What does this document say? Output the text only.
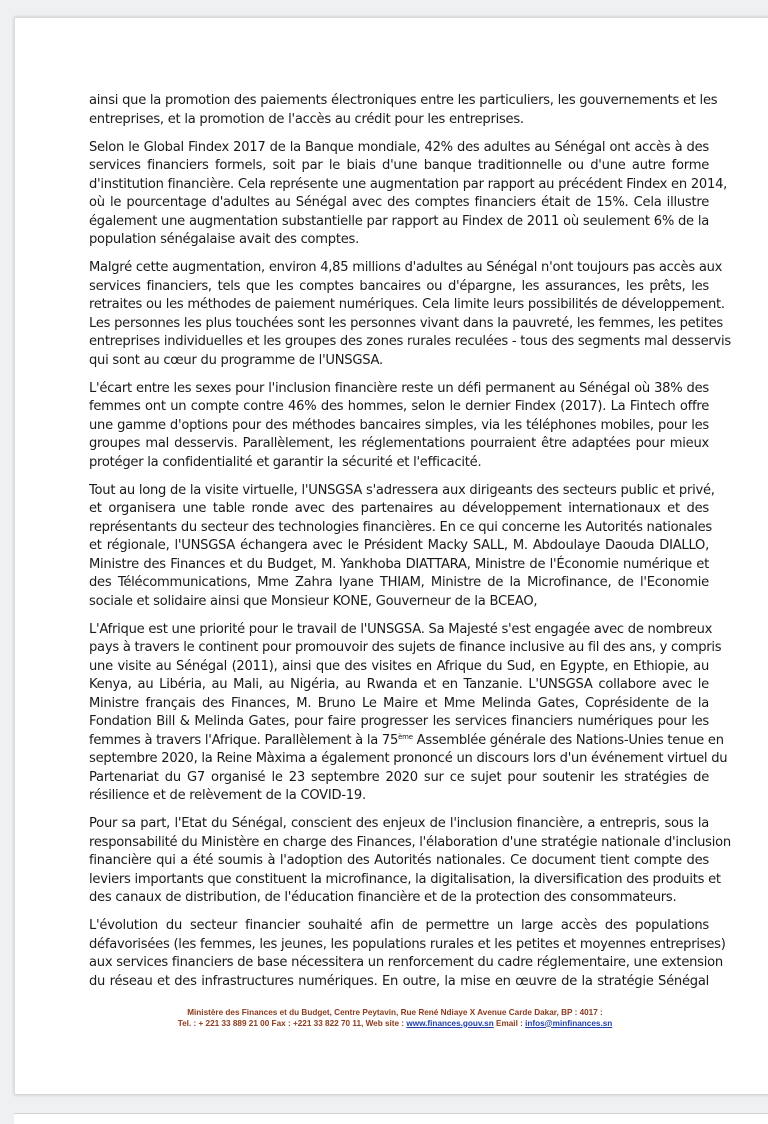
ainsi que la promotion des paiements électroniques entre les particuliers, les gouvernements et les
entreprises, et la promotion de l'accès au crédit pour les entreprises.

Selon le Global Findex 2017 de la Banque mondiale, 42% des adultes au Sénégal ont accès à des
services financiers formels, soit par le biais d'une banque traditionnelle ou d'une autre forme
d'institution financière. Cela représente une augmentation par rapport au précédent Findex en 2014,
où le pourcentage d'adultes au Sénégal avec des comptes financiers était de 15%. Cela illustre
également une augmentation substantielle par rapport au Findex de 2011 où seulement 6% de la
population sénégalaise avait des comptes.

Malgré cette augmentation, environ 4,85 millions d'adultes au Sénégal n'ont toujours pas accès aux
services financiers, tels que les comptes bancaires ou d'épargne, les assurances, les prêts, les
retraites ou les méthodes de paiement numériques. Cela limite leurs possibilités de développement.
Les personnes les plus touchées sont les personnes vivant dans la pauvreté, les femmes, les petites
entreprises individuelles et les groupes des zones rurales reculées - tous des segments mal desservis
qui sont au cœur du programme de l'UNSGSA.

L'écart entre les sexes pour l'inclusion financière reste un défi permanent au Sénégal où 38% des
femmes ont un compte contre 46% des hommes, selon le dernier Findex (2017). La Fintech offre
une gamme d'options pour des méthodes bancaires simples, via les téléphones mobiles, pour les
groupes mal desservis. Parallèlement, les réglementations pourraient être adaptées pour mieux
protéger la confidentialité et garantir la sécurité et l'efficacité.

Tout au long de la visite virtuelle, l'UNSGSA s'adressera aux dirigeants des secteurs public et privé,
et organisera une table ronde avec des partenaires au développement internationaux et des
représentants du secteur des technologies financières. En ce qui concerne les Autorités nationales
et régionale, l'UNSGSA échangera avec le Président Macky SALL, M. Abdoulaye Daouda DIALLO,
Ministre des Finances et du Budget, M. Yankhoba DIATTARA, Ministre de l'Économie numérique et
des Télécommunications, Mme Zahra Iyane THIAM, Ministre de la Microfinance, de l'Economie
sociale et solidaire ainsi que Monsieur KONE, Gouverneur de la BCEAO,

L'Afrique est une priorité pour le travail de l'UNSGSA. Sa Majesté s'est engagée avec de nombreux
pays à travers le continent pour promouvoir des sujets de finance inclusive au fil des ans, y compris
une visite au Sénégal (2011), ainsi que des visites en Afrique du Sud, en Egypte, en Ethiopie, au
Kenya, au Libéria, au Mali, au Nigéria, au Rwanda et en Tanzanie. L'UNSGSA collabore avec le
Ministre français des Finances, M. Bruno Le Maire et Mme Melinda Gates, Coprésidente de la
Fondation Bill & Melinda Gates, pour faire progresser les services financiers numériques pour les
femmes à travers l'Afrique. Parallèlement à la 75ème Assemblée générale des Nations-Unies tenue en
septembre 2020, la Reine Màxima a également prononcé un discours lors d'un événement virtuel du
Partenariat du G7 organisé le 23 septembre 2020 sur ce sujet pour soutenir les stratégies de
résilience et de relèvement de la COVID-19.

Pour sa part, l'Etat du Sénégal, conscient des enjeux de l'inclusion financière, a entrepris, sous la
responsabilité du Ministère en charge des Finances, l'élaboration d'une stratégie nationale d'inclusion
financière qui a été soumis à l'adoption des Autorités nationales. Ce document tient compte des
leviers importants que constituent la microfinance, la digitalisation, la diversification des produits et
des canaux de distribution, de l'éducation financière et de la protection des consommateurs.

L'évolution du secteur financier souhaité afin de permettre un large accès des populations
défavorisées (les femmes, les jeunes, les populations rurales et les petites et moyennes entreprises)
aux services financiers de base nécessitera un renforcement du cadre réglementaire, une extension
du réseau et des infrastructures numériques. En outre, la mise en œuvre de la stratégie Sénégal

Ministère des Finances et du Budget, Centre Peytavin, Rue René Ndiaye X Avenue Carde Dakar, BP : 4017 :
Tel. : + 221 33 889 21 00 Fax : +221 33 822 70 11, Web site : www.finances.gouv.sn Email : infos@minfinances.sn
